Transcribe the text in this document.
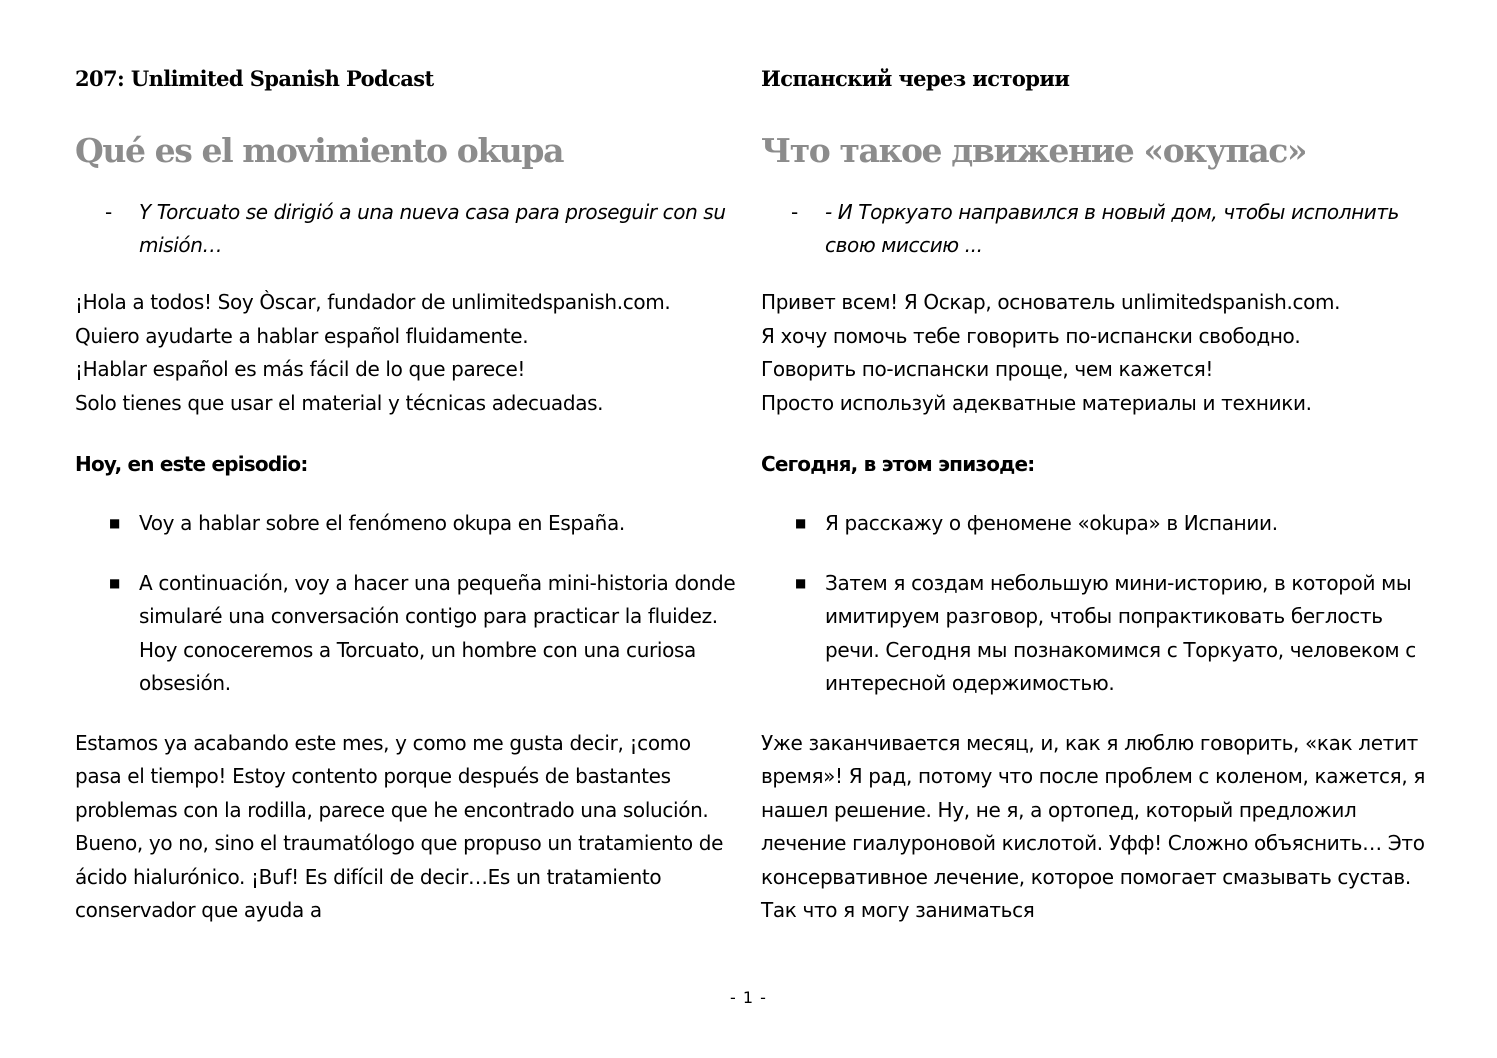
207: Unlimited Spanish Podcast
Qué es el movimiento okupa
-	Y Torcuato se dirigió a una nueva casa para proseguir con su misión…

¡Hola a todos! Soy Òscar, fundador de unlimitedspanish.com.
Quiero ayudarte a hablar español fluidamente.
¡Hablar español es más fácil de lo que parece!
Solo tienes que usar el material y técnicas adecuadas.

Hoy, en este episodio:
■ Voy a hablar sobre el fenómeno okupa en España.
■ A continuación, voy a hacer una pequeña mini-historia donde simularé una conversación contigo para practicar la fluidez. Hoy conoceremos a Torcuato, un hombre con una curiosa obsesión.

Estamos ya acabando este mes, y como me gusta decir, ¡como pasa el tiempo! Estoy contento porque después de bastantes problemas con la rodilla, parece que he encontrado una solución. Bueno, yo no, sino el traumatólogo que propuso un tratamiento de ácido hialurónico. ¡Buf! Es difícil de decir…Es un tratamiento conservador que ayuda a

Испанский через истории
Что такое движение «окупас»
-	- И Торкуато направился в новый дом, чтобы исполнить свою миссию ...

Привет всем! Я Оскар, основатель unlimitedspanish.com.
Я хочу помочь тебе говорить по-испански свободно.
Говорить по-испански проще, чем кажется!
Просто используй адекватные материалы и техники.

Сегодня, в этом эпизоде:
■ Я расскажу о феномене «okupa» в Испании.
■ Затем я создам небольшую мини-историю, в которой мы имитируем разговор, чтобы попрактиковать беглость речи. Сегодня мы познакомимся с Торкуато, человеком с интересной одержимостью.

Уже заканчивается месяц, и, как я люблю говорить, «как летит время»! Я рад, потому что после проблем с коленом, кажется, я нашел решение. Ну, не я, а ортопед, который предложил лечение гиалуроновой кислотой. Уфф! Сложно объяснить… Это консервативное лечение, которое помогает смазывать сустав. Так что я могу заниматься

- 1 -
